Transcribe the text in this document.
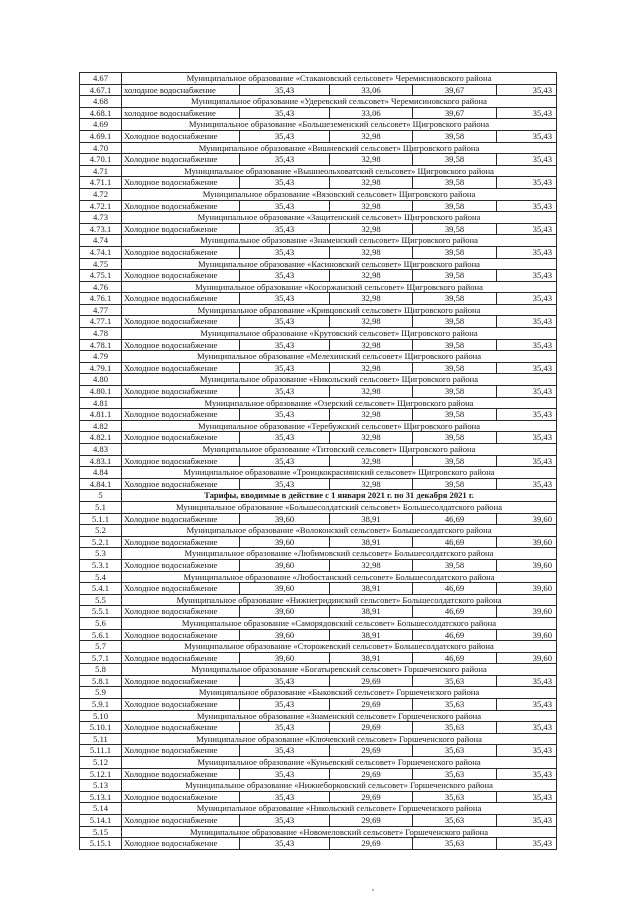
4.67	Муниципальное образование «Стакановский сельсовет» Черемисиновского района				
4.67.1	холодное водоснабжение	35,43	33,06	39,67	35,43
4.68	Муниципальное образование «Удеревский сельсовет» Черемисиновского района				
4.68.1	холодное водоснабжение	35,43	33,06	39,67	35,43
4.69	Муниципальное образование «Большеземенский сельсовет» Щигровского района				
4.69.1	Холодное водоснабжение	35,43	32,98	39,58	35,43
4.70	Муниципальное образование «Вишневский сельсовет» Щигровского района				
4.70.1	Холодное водоснабжение	35,43	32,98	39,58	35,43
4.71	Муниципальное образование «Вышнеольховатский сельсовет» Щигровского района				
4.71.1	Холодное водоснабжение	35,43	32,98	39,58	35,43
4.72	Муниципальное образование «Вязовский сельсовет» Щигровского района				
4.72.1	Холодное водоснабжение	35,43	32,98	39,58	35,43
4.73	Муниципальное образование «Защитенский сельсовет» Щигровского района				
4.73.1	Холодное водоснабжение	35,43	32,98	39,58	35,43
4.74	Муниципальное образование «Знаменский сельсовет» Щигровского района				
4.74.1	Холодное водоснабжение	35,43	32,98	39,58	35,43
4.75	Муниципальное образование «Касиновский сельсовет» Щигровского района				
4.75.1	Холодное водоснабжение	35,43	32,98	39,58	35,43
4.76	Муниципальное образование «Косоржанский сельсовет» Щигровского района				
4.76.1	Холодное водоснабжение	35,43	32,98	39,58	35,43
4.77	Муниципальное образование «Кривцовский сельсовет» Щигровского района				
4.77.1	Холодное водоснабжение	35,43	32,98	39,58	35,43
4.78	Муниципальное образование «Крутовский сельсовет» Щигровского района				
4.78.1	Холодное водоснабжение	35,43	32,98	39,58	35,43
4.79	Муниципальное образование «Мелехинский сельсовет» Щигровского района				
4.79.1	Холодное водоснабжение	35,43	32,98	39,58	35,43
4.80	Муниципальное образование «Никольский сельсовет» Щигровского района				
4.80.1	Холодное водоснабжение	35,43	32,98	39,58	35,43
4.81	Муниципальное образование «Озерский сельсовет» Щигровского района				
4.81.1	Холодное водоснабжение	35,43	32,98	39,58	35,43
4.82	Муниципальное образование «Теребужский сельсовет» Щигровского района				
4.82.1	Холодное водоснабжение	35,43	32,98	39,58	35,43
4.83	Муниципальное образование «Титовский сельсовет» Щигровского района				
4.83.1	Холодное водоснабжение	35,43	32,98	39,58	35,43
4.84	Муниципальное образование «Троицкокраснянский сельсовет» Щигровского района				
4.84.1	Холодное водоснабжение	35,43	32,98	39,58	35,43
5	Тарифы, вводимые в действие с 1 января 2021 г. по 31 декабря 2021 г.				
5.1	Муниципальное образование «Большесолдатский сельсовет» Большесолдатского района				
5.1.1	Холодное водоснабжение	39,60	38,91	46,69	39,60
5.2	Муниципальное образование «Волоконский сельсовет» Большесолдатского района				
5.2.1	Холодное водоснабжение	39,60	38,91	46,69	39,60
5.3	Муниципальное образование «Любимовский сельсовет» Большесолдатского района				
5.3.1	Холодное водоснабжение	39,60	32,98	39,58	39,60
5.4	Муниципальное образование «Любостанский сельсовет» Большесолдатского района				
5.4.1	Холодное водоснабжение	39,60	38,91	46,69	39,60
5.5	Муниципальное образование «Нижнегридинский сельсовет» Большесолдатского района				
5.5.1	Холодное водоснабжение	39,60	38,91	46,69	39,60
5.6	Муниципальное образование «Саморядовский сельсовет» Большесолдатского района				
5.6.1	Холодное водоснабжение	39,60	38,91	46,69	39,60
5.7	Муниципальное образование «Сторожевский сельсовет» Большесолдатского района				
5.7.1	Холодное водоснабжение	39,60	38,91	46,69	39,60
5.8	Муниципальное образование «Богатыревский сельсовет» Горшеченского района				
5.8.1	Холодное водоснабжение	35,43	29,69	35,63	35,43
5.9	Муниципальное образование «Быковский сельсовет» Горшеченского района				
5.9.1	Холодное водоснабжение	35,43	29,69	35,63	35,43
5.10	Муниципальное образование «Знаменский сельсовет» Горшеченского района				
5.10.1	Холодное водоснабжение	35,43	29,69	35,63	35,43
5.11	Муниципальное образование «Ключевский сельсовет» Горшеченского района				
5.11.1	Холодное водоснабжение	35,43	29,69	35,63	35,43
5.12	Муниципальное образование «Куньевский сельсовет» Горшеченского района				
5.12.1	Холодное водоснабжение	35,43	29,69	35,63	35,43
5.13	Муниципальное образование «Нижнеборковский сельсовет» Горшеченского района				
5.13.1	Холодное водоснабжение	35,43	29,69	35,63	35,43
5.14	Муниципальное образование «Никольский сельсовет» Горшеченского района				
5.14.1	Холодное водоснабжение	35,43	29,69	35,63	35,43
5.15	Муниципальное образование «Новомеловский сельсовет» Горшеченского района				
5.15.1	Холодное водоснабжение	35,43	29,69	35,63	35,43
